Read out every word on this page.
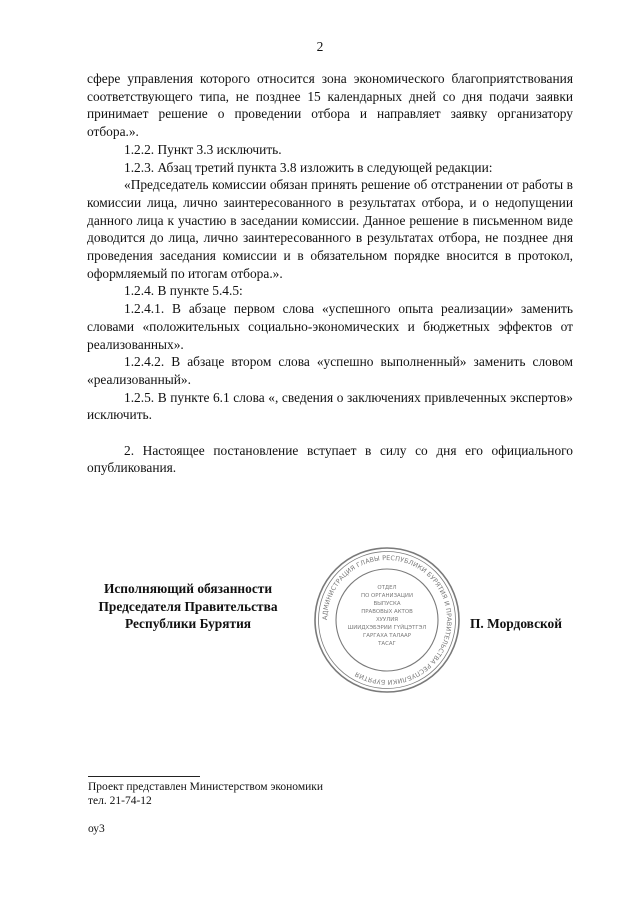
2

сфере управления которого относится зона экономического благоприятствования соответствующего типа, не позднее 15 календарных дней со дня подачи заявки принимает решение о проведении отбора и направляет заявку организатору отбора.».

1.2.2. Пункт 3.3 исключить.

1.2.3. Абзац третий пункта 3.8 изложить в следующей редакции:

«Председатель комиссии обязан принять решение об отстранении от работы в комиссии лица, лично заинтересованного в результатах отбора, и о недопущении данного лица к участию в заседании комиссии. Данное решение в письменном виде доводится до лица, лично заинтересованного в результатах отбора, не позднее дня проведения заседания комиссии и в обязательном порядке вносится в протокол, оформляемый по итогам отбора.».

1.2.4. В пункте 5.4.5:

1.2.4.1. В абзаце первом слова «успешного опыта реализации» заменить словами «положительных социально-экономических и бюджетных эффектов от реализованных».

1.2.4.2. В абзаце втором слова «успешно выполненный» заменить словом «реализованный».

1.2.5. В пункте 6.1 слова «, сведения о заключениях привлеченных экспертов» исключить.

2. Настоящее постановление вступает в силу со дня его официального опубликования.

Исполняющий обязанности
Председателя Правительства
Республики Бурятия	АДМИНИСТРАЦИЯ ГЛАВЫ РЕСПУБЛИКИ БУРЯТИЯ И ПРАВИТЕЛЬСТВА РЕСПУБЛИКИ БУРЯТИЯ
ОТДЕЛ
ПО ОРГАНИЗАЦИИ
ВЫПУСКА
ПРАВОВЫХ АКТОВ
ХУУЛИЯ
ШИИДХЭБЭРИИ ГҮЙЦЭТГЭЛ
ГАРГАХА ТАЛААР
ТАСАГ
П. Мордовской
Проект представлен Министерством экономики
тел. 21-74-12
оу3
